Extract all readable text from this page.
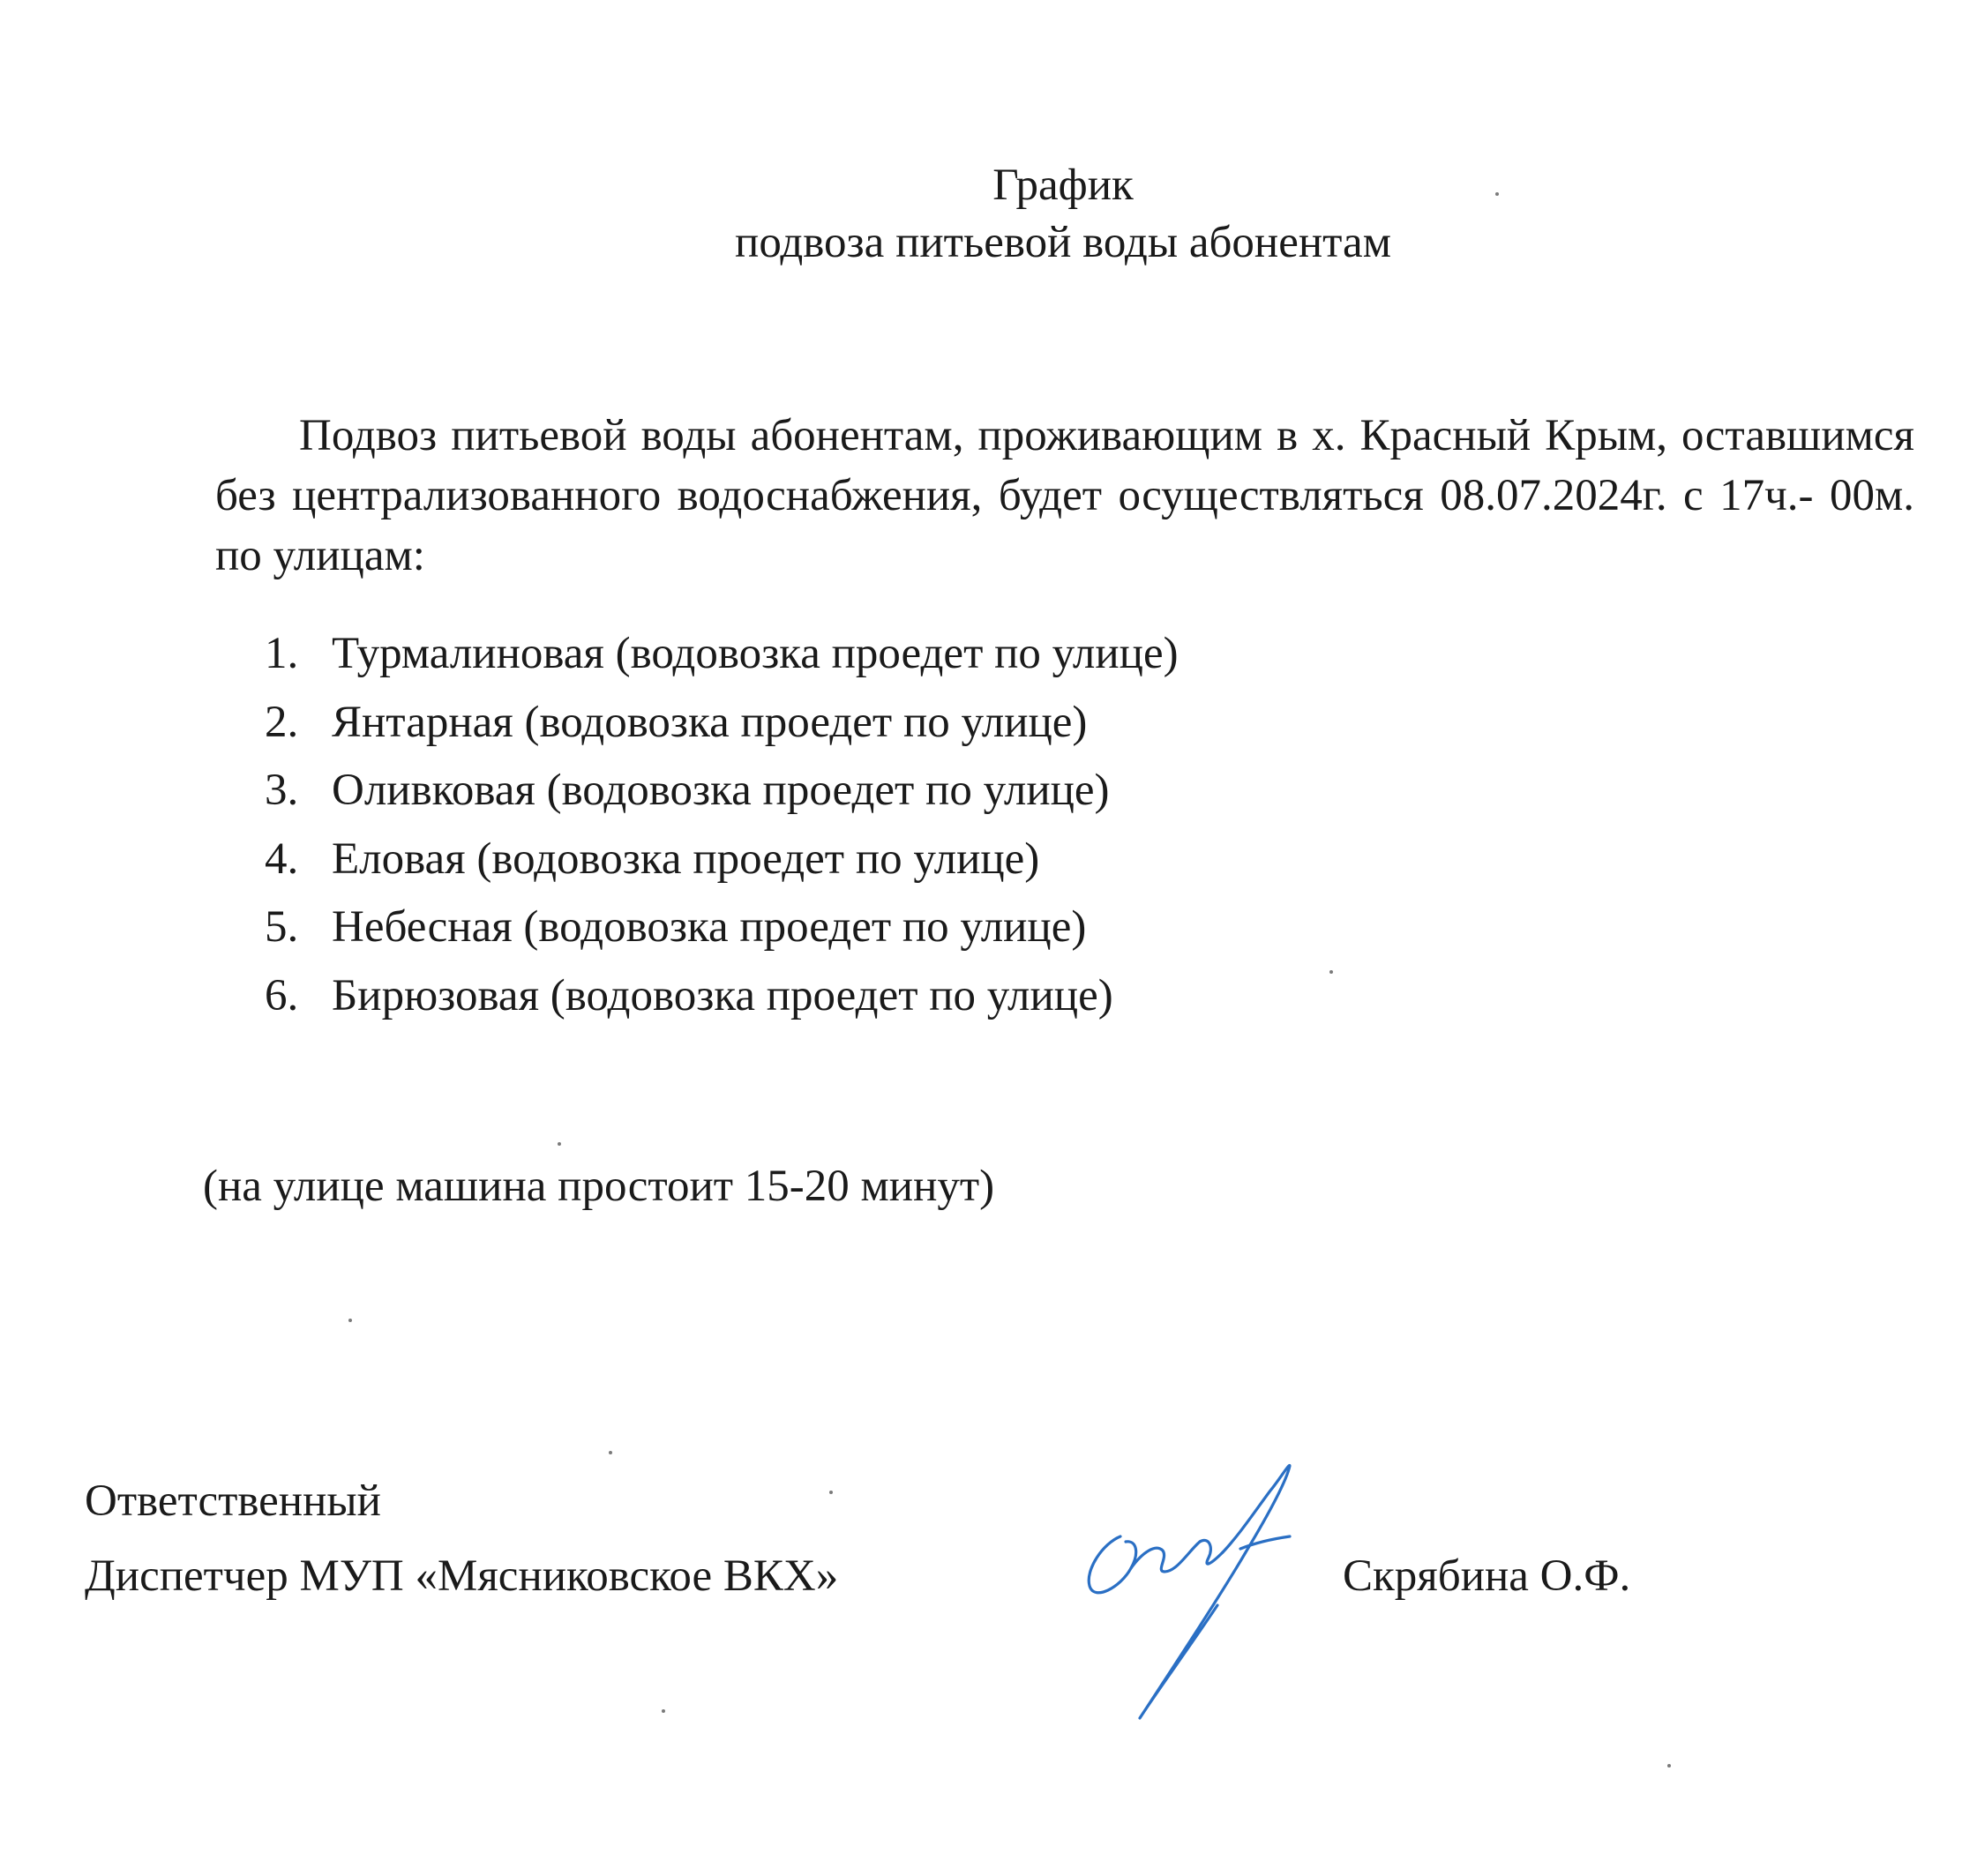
График
подвоза питьевой воды абонентам

Подвоз питьевой воды абонентам, проживающим в х. Красный Крым, оставшимся без централизованного водоснабжения, будет осуществляться 08.07.2024г. с 17ч.- 00м. по улицам:

1. Турмалиновая (водовозка проедет по улице)
2. Янтарная (водовозка проедет по улице)
3. Оливковая (водовозка проедет по улице)
4. Еловая (водовозка проедет по улице)
5. Небесная (водовозка проедет по улице)
6. Бирюзовая (водовозка проедет по улице)
(на улице машина простоит 15-20 минут)
Ответственный
Диспетчер МУП «Мясниковское ВКХ»	Скрябина О.Ф.
